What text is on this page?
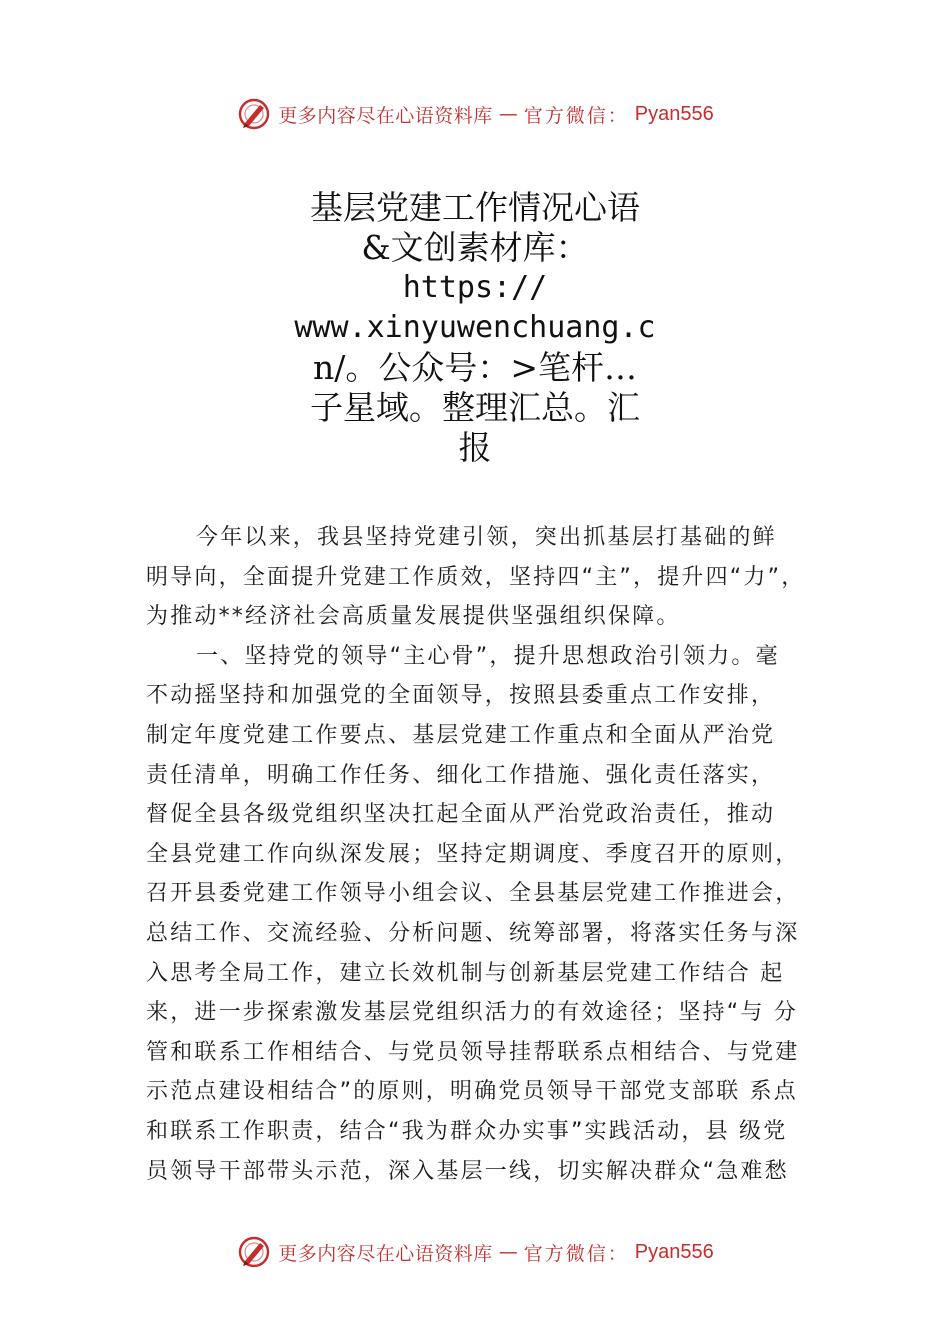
更多内容尽在心语资料库 — 官方微信： Pyan556
基层党建工作情况心语
&文创素材库：
https://
www.xinyuwenchuang.c
n/。公众号：>笔杆…
子星域。整理汇总。汇
报
今年以来，我县坚持党建引领，突出抓基层打基础的鲜
明导向，全面提升党建工作质效，坚持四“主”，提升四“力”，
为推动**经济社会高质量发展提供坚强组织保障。
一、坚持党的领导“主心骨”，提升思想政治引领力。毫
不动摇坚持和加强党的全面领导，按照县委重点工作安排，
制定年度党建工作要点、基层党建工作重点和全面从严治党
责任清单，明确工作任务、细化工作措施、强化责任落实，
督促全县各级党组织坚决扛起全面从严治党政治责任，推动
全县党建工作向纵深发展；坚持定期调度、季度召开的原则，
召开县委党建工作领导小组会议、全县基层党建工作推进会，
总结工作、交流经验、分析问题、统筹部署，将落实任务与深
入思考全局工作，建立长效机制与创新基层党建工作结合 起
来，进一步探索激发基层党组织活力的有效途径；坚持“与 分
管和联系工作相结合、与党员领导挂帮联系点相结合、与党建
示范点建设相结合”的原则，明确党员领导干部党支部联 系点
和联系工作职责，结合“我为群众办实事”实践活动，县 级党
员领导干部带头示范，深入基层一线，切实解决群众“急难愁
更多内容尽在心语资料库 — 官方微信： Pyan556
